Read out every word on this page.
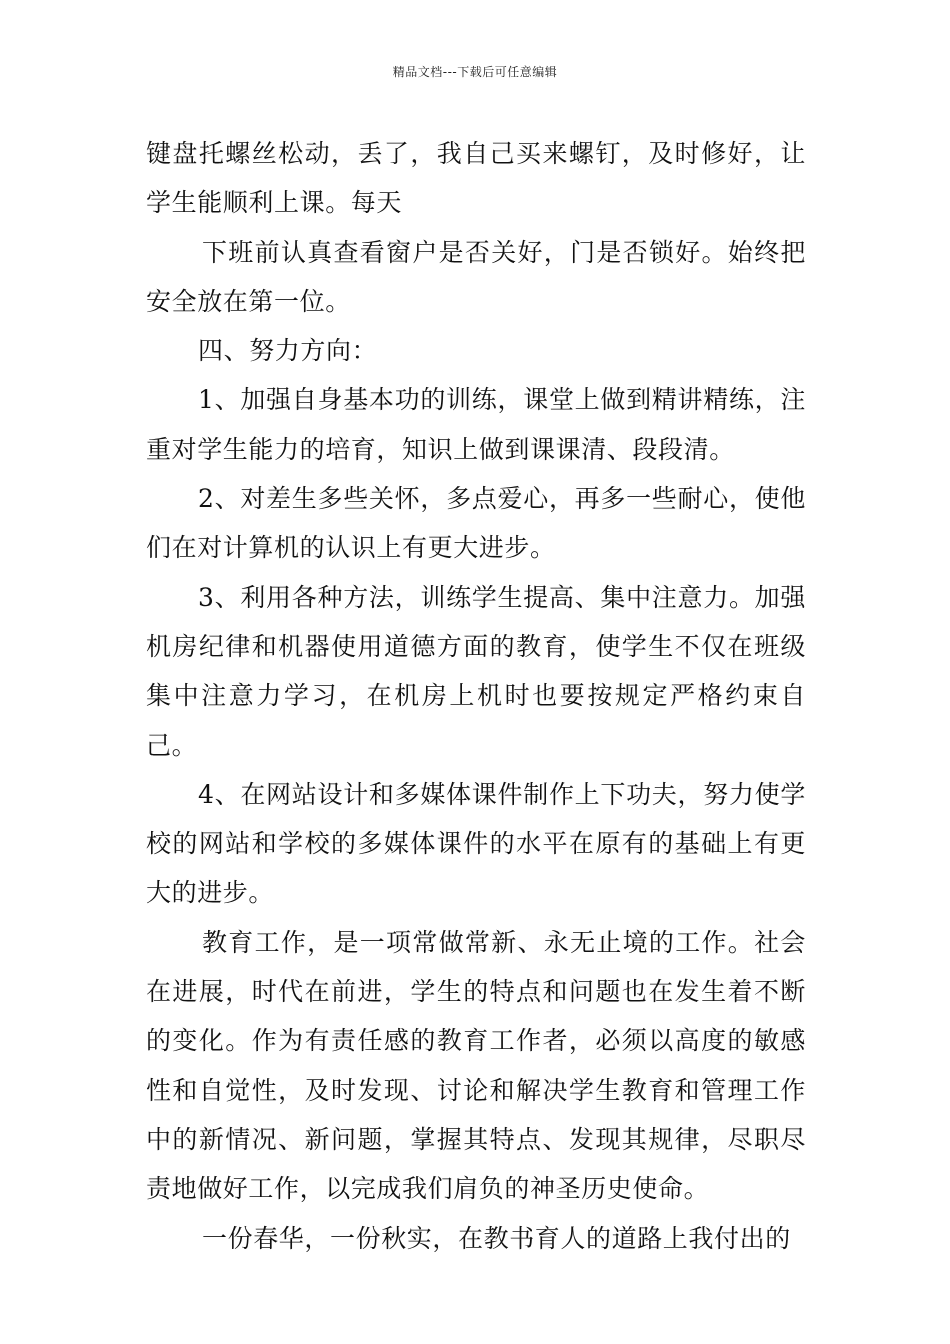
精品文档---下载后可任意编辑

键盘托螺丝松动，丢了，我自己买来螺钉，及时修好，让学生能顺利上课。每天

下班前认真查看窗户是否关好，门是否锁好。始终把安全放在第一位。

四、努力方向：

1、加强自身基本功的训练，课堂上做到精讲精练，注重对学生能力的培育，知识上做到课课清、段段清。

2、对差生多些关怀，多点爱心，再多一些耐心，使他们在对计算机的认识上有更大进步。

3、利用各种方法，训练学生提高、集中注意力。加强机房纪律和机器使用道德方面的教育，使学生不仅在班级集中注意力学习，在机房上机时也要按规定严格约束自己。

4、在网站设计和多媒体课件制作上下功夫，努力使学校的网站和学校的多媒体课件的水平在原有的基础上有更大的进步。

教育工作，是一项常做常新、永无止境的工作。社会在进展，时代在前进，学生的特点和问题也在发生着不断的变化。作为有责任感的教育工作者，必须以高度的敏感性和自觉性，及时发现、讨论和解决学生教育和管理工作中的新情况、新问题，掌握其特点、发现其规律，尽职尽责地做好工作，以完成我们肩负的神圣历史使命。

一份春华，一份秋实，在教书育人的道路上我付出的
